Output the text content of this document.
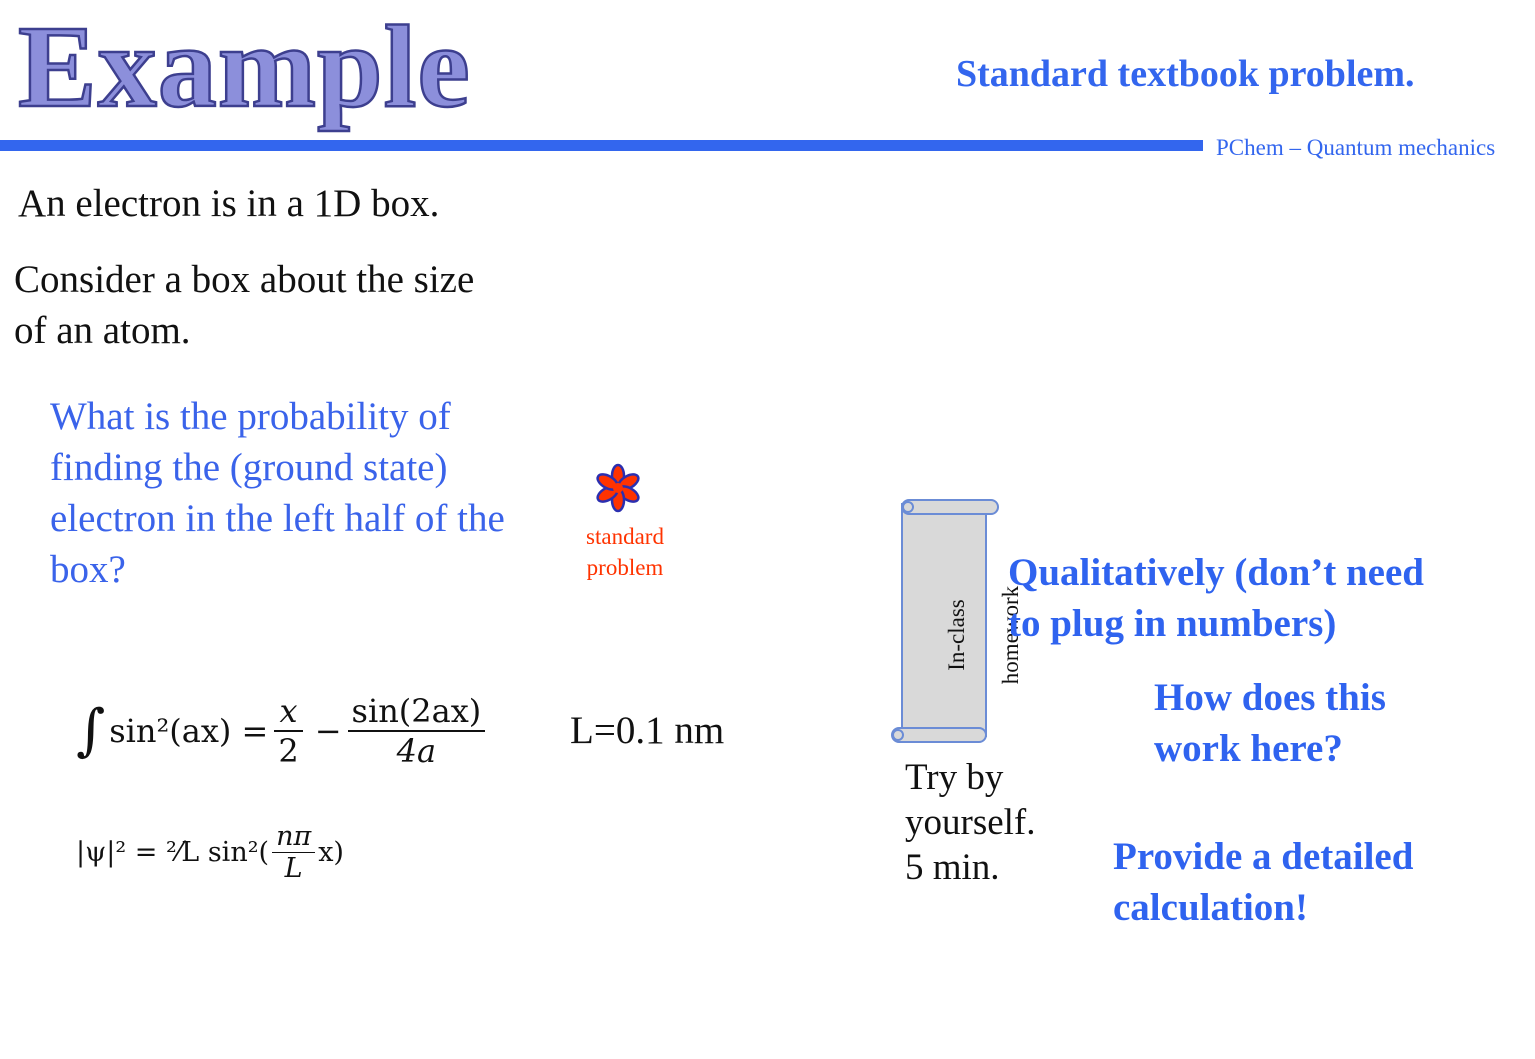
Example	Standard textbook problem.
PChem – Quantum mechanics
An electron is in a 1D box.
Consider a box about the size
of an atom.
What is the probability of
finding the (ground state)
electron in the left half of the
box?
standard
problem
∫ $\sin^2(ax) = \frac{x}{2} - \frac{\sin(2ax)}{4a} L=0.1$ nm
|ψ|² = ²⁄L $\sin^2( \frac{n\pi}{L} x)$

In-class homework

Try by
yourself.
5 min.
Qualitatively (don’t need
to plug in numbers)
How does this
work here?
Provide a detailed
calculation!
